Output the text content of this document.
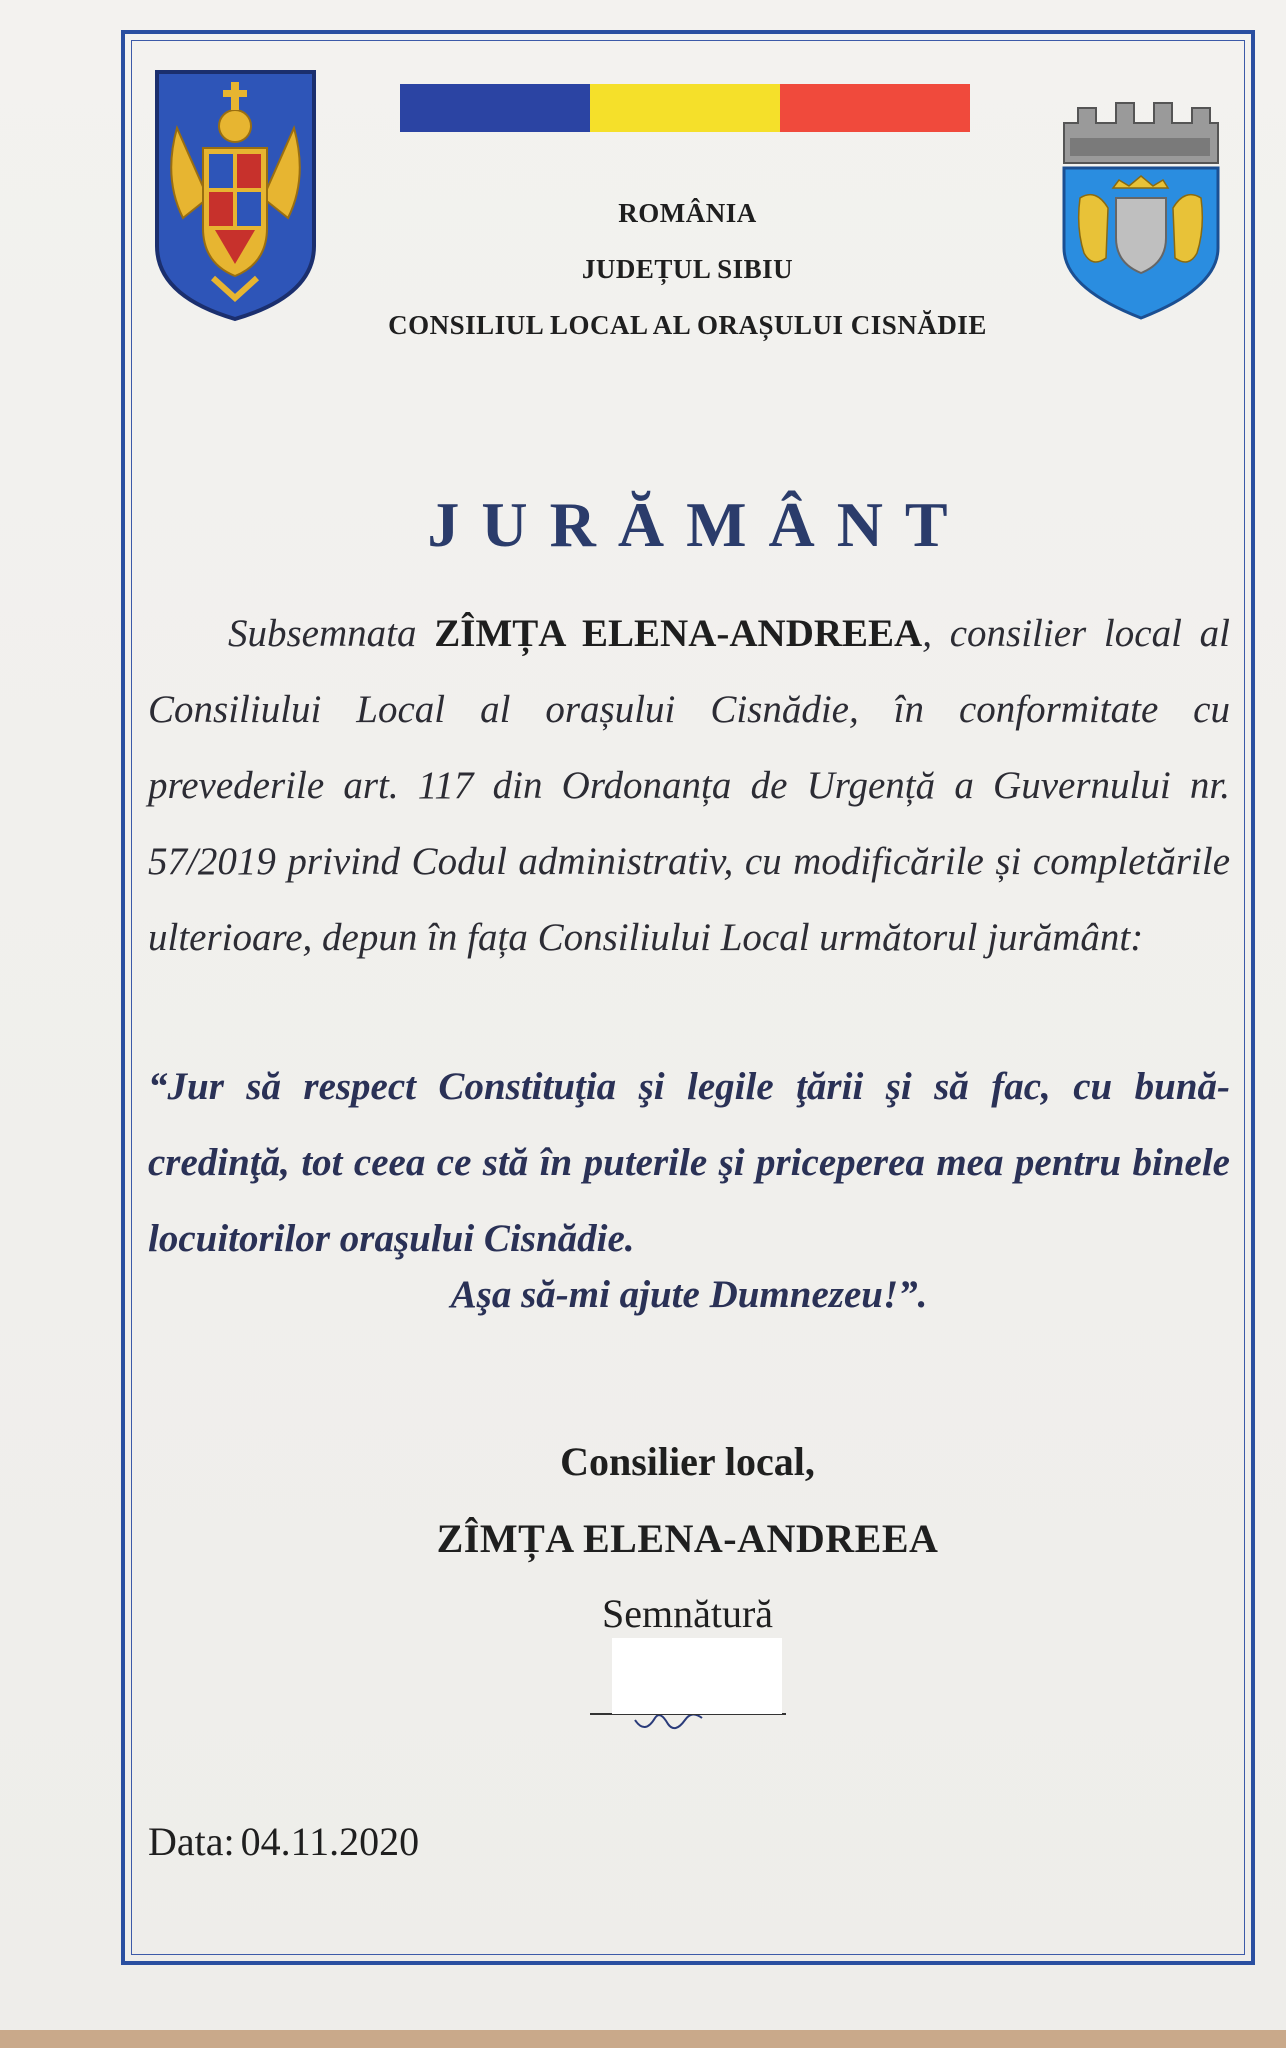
ROMÂNIA
JUDEȚUL SIBIU
CONSILIUL LOCAL AL ORAȘULUI CISNĂDIE
JURĂMÂNT

Subsemnata ZÎMȚA ELENA-ANDREEA, consilier local al Consiliului Local al orașului Cisnădie, în conformitate cu prevederile art. 117 din Ordonanța de Urgență a Guvernului nr. 57/2019 privind Codul administrativ, cu modificările și completările ulterioare, depun în fața Consiliului Local următorul jurământ:

“Jur să respect Constituţia şi legile ţării şi să fac, cu bună-credinţă, tot ceea ce stă în puterile şi priceperea mea pentru binele locuitorilor oraşului Cisnădie.

Aşa să-mi ajute Dumnezeu!”.

Consilier local,
ZÎMȚA ELENA-ANDREEA
Semnătură
Data: 04.11.2020
